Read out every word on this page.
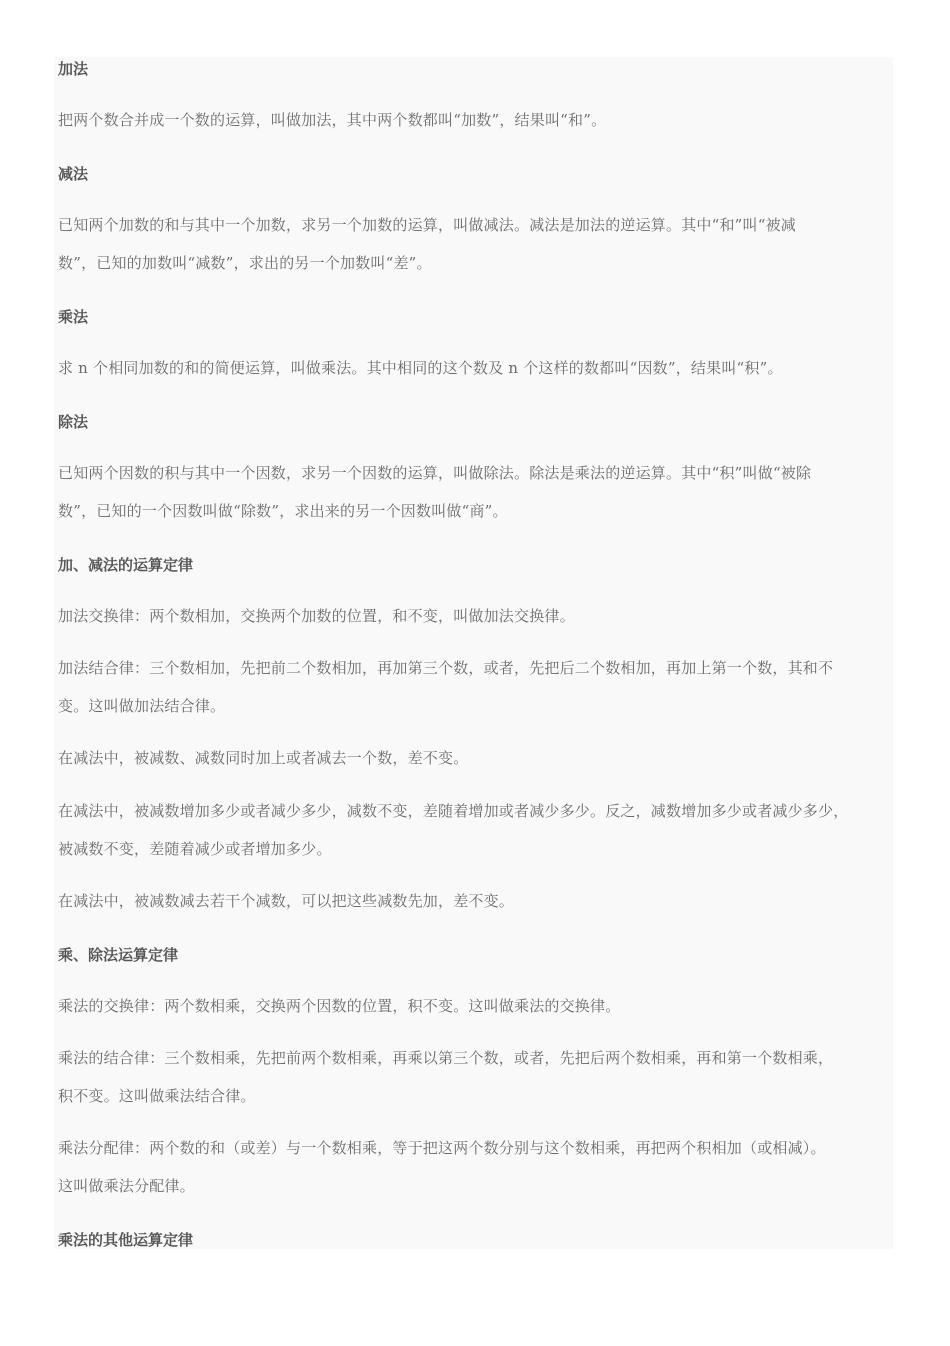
加法

把两个数合并成一个数的运算，叫做加法，其中两个数都叫“加数”，结果叫“和”。

减法

已知两个加数的和与其中一个加数，求另一个加数的运算，叫做减法。减法是加法的逆运算。其中“和”叫“被减
数”，已知的加数叫“减数”，求出的另一个加数叫“差”。

乘法

求 n 个相同加数的和的简便运算，叫做乘法。其中相同的这个数及 n 个这样的数都叫“因数”，结果叫“积”。

除法

已知两个因数的积与其中一个因数，求另一个因数的运算，叫做除法。除法是乘法的逆运算。其中“积”叫做“被除
数”，已知的一个因数叫做“除数”，求出来的另一个因数叫做“商”。

加、减法的运算定律

加法交换律：两个数相加，交换两个加数的位置，和不变，叫做加法交换律。

加法结合律：三个数相加，先把前二个数相加，再加第三个数，或者，先把后二个数相加，再加上第一个数，其和不
变。这叫做加法结合律。

在减法中，被减数、减数同时加上或者减去一个数，差不变。

在减法中，被减数增加多少或者减少多少，减数不变，差随着增加或者减少多少。反之，减数增加多少或者减少多少，
被减数不变，差随着减少或者增加多少。

在减法中，被减数减去若干个减数，可以把这些减数先加，差不变。

乘、除法运算定律

乘法的交换律：两个数相乘，交换两个因数的位置，积不变。这叫做乘法的交换律。

乘法的结合律：三个数相乘，先把前两个数相乘，再乘以第三个数，或者，先把后两个数相乘，再和第一个数相乘，
积不变。这叫做乘法结合律。

乘法分配律：两个数的和（或差）与一个数相乘，等于把这两个数分别与这个数相乘，再把两个积相加（或相减）。
这叫做乘法分配律。

乘法的其他运算定律
